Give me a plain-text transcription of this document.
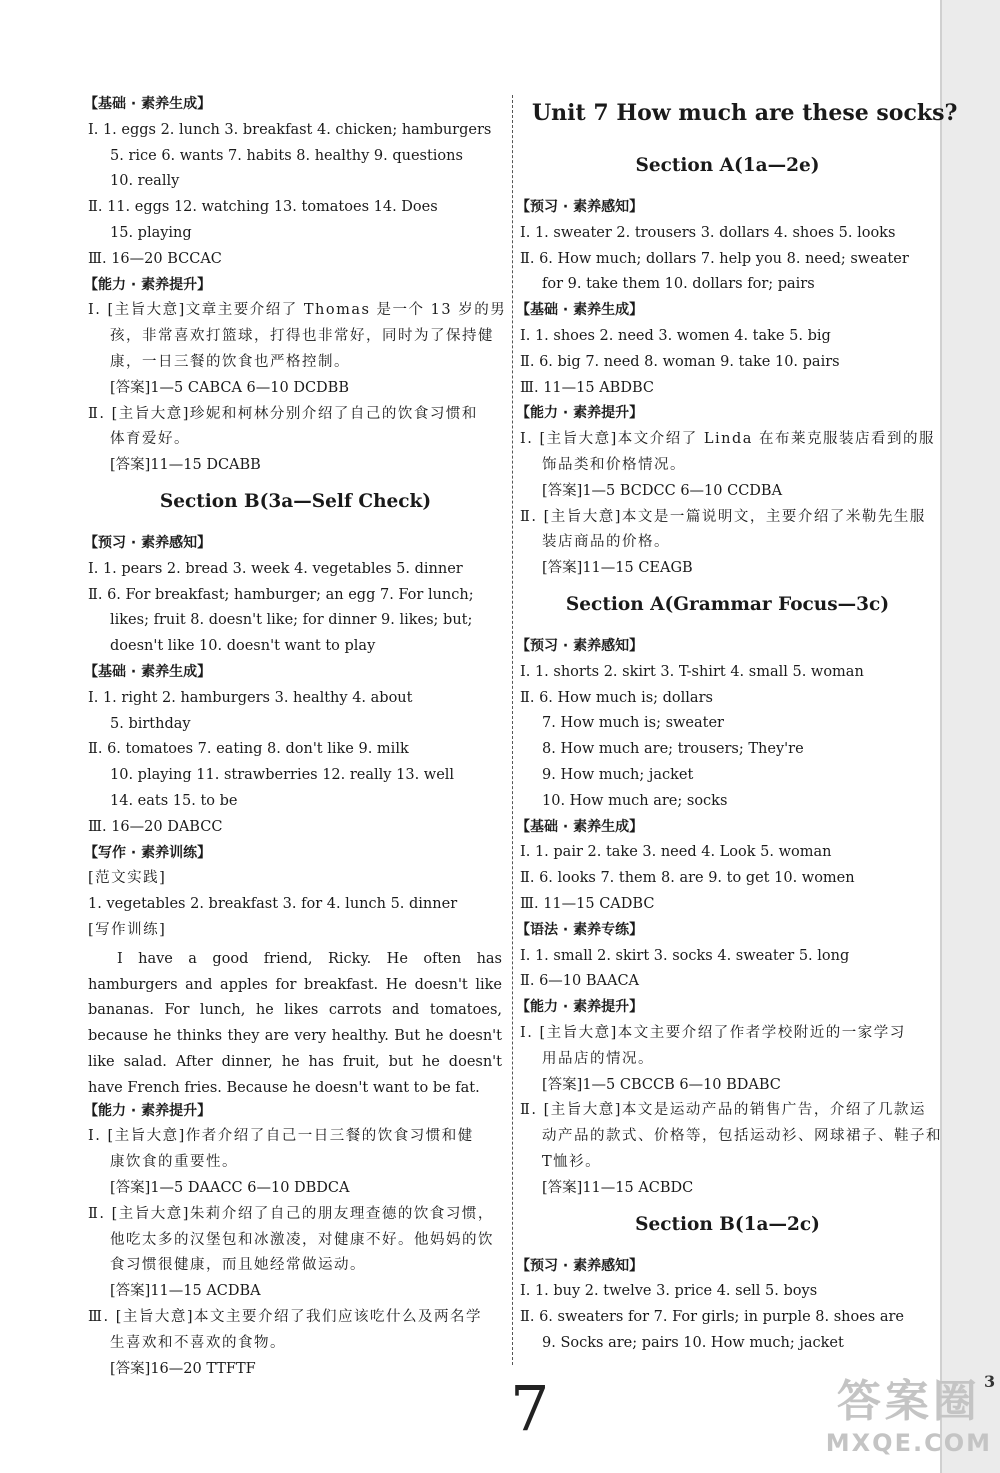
【基础 · 素养生成】
Ⅰ. 1. eggs 2. lunch 3. breakfast 4. chicken; hamburgers
5. rice 6. wants 7. habits 8. healthy 9. questions
10. really
Ⅱ. 11. eggs 12. watching 13. tomatoes 14. Does
15. playing
Ⅲ. 16—20 BCCAC
【能力 · 素养提升】
Ⅰ. [主旨大意]文章主要介绍了 Thomas 是一个 13 岁的男
孩，非常喜欢打篮球，打得也非常好，同时为了保持健
康，一日三餐的饮食也严格控制。
[答案]1—5 CABCA 6—10 DCDBB
Ⅱ. [主旨大意]珍妮和柯林分别介绍了自己的饮食习惯和
体育爱好。
[答案]11—15 DCABB
Section B(3a—Self Check)
【预习 · 素养感知】
Ⅰ. 1. pears 2. bread 3. week 4. vegetables 5. dinner
Ⅱ. 6. For breakfast; hamburger; an egg 7. For lunch;
likes; fruit 8. doesn't like; for dinner 9. likes; but;
doesn't like 10. doesn't want to play
【基础 · 素养生成】
Ⅰ. 1. right 2. hamburgers 3. healthy 4. about
5. birthday
Ⅱ. 6. tomatoes 7. eating 8. don't like 9. milk
10. playing 11. strawberries 12. really 13. well
14. eats 15. to be
Ⅲ. 16—20 DABCC
【写作 · 素养训练】
[范文实践]
1. vegetables 2. breakfast 3. for 4. lunch 5. dinner
[写作训练]
I have a good friend, Ricky. He often has hamburgers and apples for breakfast. He doesn't like bananas. For lunch, he likes carrots and tomatoes, because he thinks they are very healthy. But he doesn't like salad. After dinner, he has fruit, but he doesn't have French fries. Because he doesn't want to be fat.
【能力 · 素养提升】
Ⅰ. [主旨大意]作者介绍了自己一日三餐的饮食习惯和健
康饮食的重要性。
[答案]1—5 DAACC 6—10 DBDCA
Ⅱ. [主旨大意]朱莉介绍了自己的朋友理查德的饮食习惯，
他吃太多的汉堡包和冰激凌，对健康不好。他妈妈的饮
食习惯很健康，而且她经常做运动。
[答案]11—15 ACDBA
Ⅲ. [主旨大意]本文主要介绍了我们应该吃什么及两名学
生喜欢和不喜欢的食物。
[答案]16—20 TTFTF
Unit 7 How much are these socks?
Section A(1a—2e)
【预习 · 素养感知】
Ⅰ. 1. sweater 2. trousers 3. dollars 4. shoes 5. looks
Ⅱ. 6. How much; dollars 7. help you 8. need; sweater
for 9. take them 10. dollars for; pairs
【基础 · 素养生成】
Ⅰ. 1. shoes 2. need 3. women 4. take 5. big
Ⅱ. 6. big 7. need 8. woman 9. take 10. pairs
Ⅲ. 11—15 ABDBC
【能力 · 素养提升】
Ⅰ. [主旨大意]本文介绍了 Linda 在布莱克服装店看到的服
饰品类和价格情况。
[答案]1—5 BCDCC 6—10 CCDBA
Ⅱ. [主旨大意]本文是一篇说明文，主要介绍了米勒先生服
装店商品的价格。
[答案]11—15 CEAGB
Section A(Grammar Focus—3c)
【预习 · 素养感知】
Ⅰ. 1. shorts 2. skirt 3. T-shirt 4. small 5. woman
Ⅱ. 6. How much is; dollars
7. How much is; sweater
8. How much are; trousers; They're
9. How much; jacket
10. How much are; socks
【基础 · 素养生成】
Ⅰ. 1. pair 2. take 3. need 4. Look 5. woman
Ⅱ. 6. looks 7. them 8. are 9. to get 10. women
Ⅲ. 11—15 CADBC
【语法 · 素养专练】
Ⅰ. 1. small 2. skirt 3. socks 4. sweater 5. long
Ⅱ. 6—10 BAACA
【能力 · 素养提升】
Ⅰ. [主旨大意]本文主要介绍了作者学校附近的一家学习
用品店的情况。
[答案]1—5 CBCCB 6—10 BDABC
Ⅱ. [主旨大意]本文是运动产品的销售广告，介绍了几款运
动产品的款式、价格等，包括运动衫、网球裙子、鞋子和
T恤衫。
[答案]11—15 ACBDC
Section B(1a—2c)
【预习 · 素养感知】
Ⅰ. 1. buy 2. twelve 3. price 4. sell 5. boys
Ⅱ. 6. sweaters for 7. For girls; in purple 8. shoes are
9. Socks are; pairs 10. How much; jacket
7	3
答案圈
MXQE.COM
